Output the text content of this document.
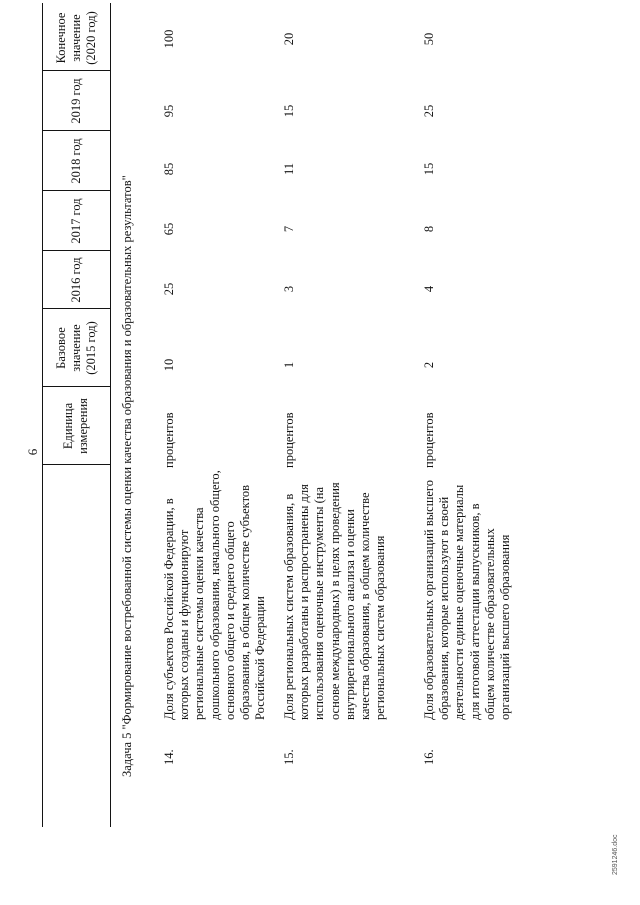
6
Единица измерения
Базовое значение (2015 год)
2016 год
2017 год
2018 год
2019 год
Конечное значение (2020 год)
Задача 5 "Формирование востребованной системы оценки качества образования и образовательных результатов" 14.
Доля субъектов Российской Федерации, в которых созданы и функционируют региональные системы оценки качества дошкольного образования, начального общего, основного общего и среднего общего образования, в общем количестве субъектов Российской Федерации
процентов
10
25
65
85
95
100
15.
Доля региональных систем образования, в которых разработаны и распространены для использования оценочные инструменты (на основе международных) в целях проведения внутрирегионального анализа и оценки качества образования, в общем количестве региональных систем образования
процентов
1
3
7
11
15
20
16.
Доля образовательных организаций высшего образования, которые используют в своей деятельности единые оценочные материалы для итоговой аттестации выпускников, в общем количестве образовательных организаций высшего образования
процентов
2
4
8
15
25
50
2591246.doc
